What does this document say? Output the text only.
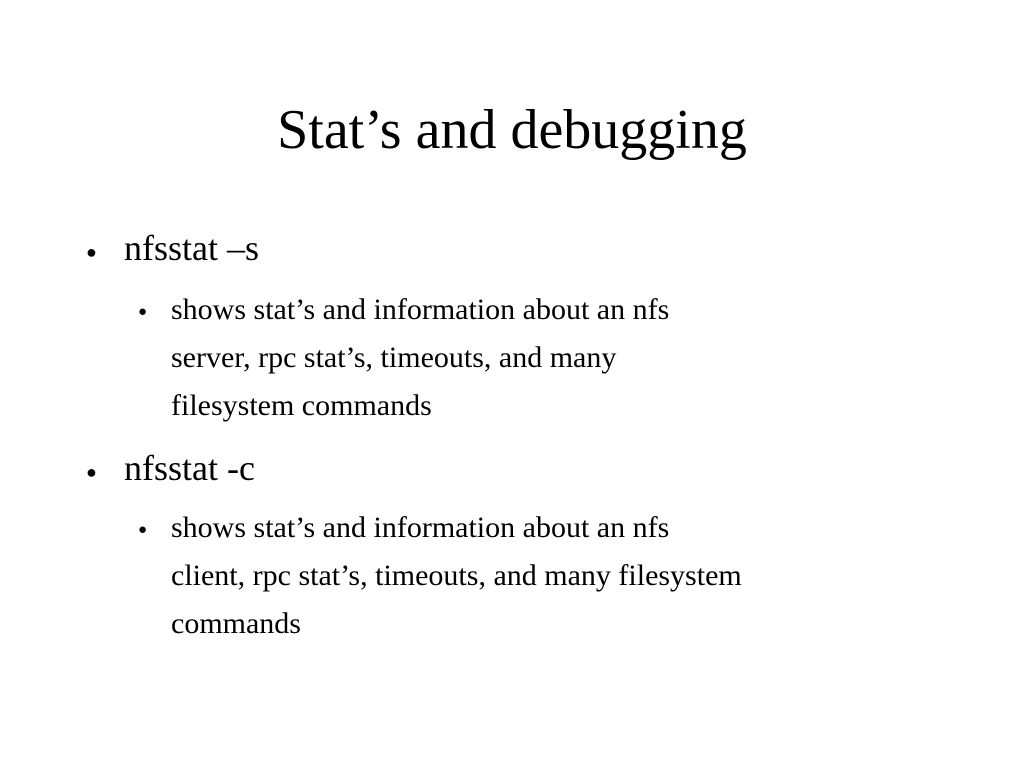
Stat’s and debugging
● nfsstat –s
● shows stat’s and information about an nfs
server, rpc stat’s, timeouts, and many
filesystem commands
● nfsstat -c
● shows stat’s and information about an nfs
client, rpc stat’s, timeouts, and many filesystem
commands
